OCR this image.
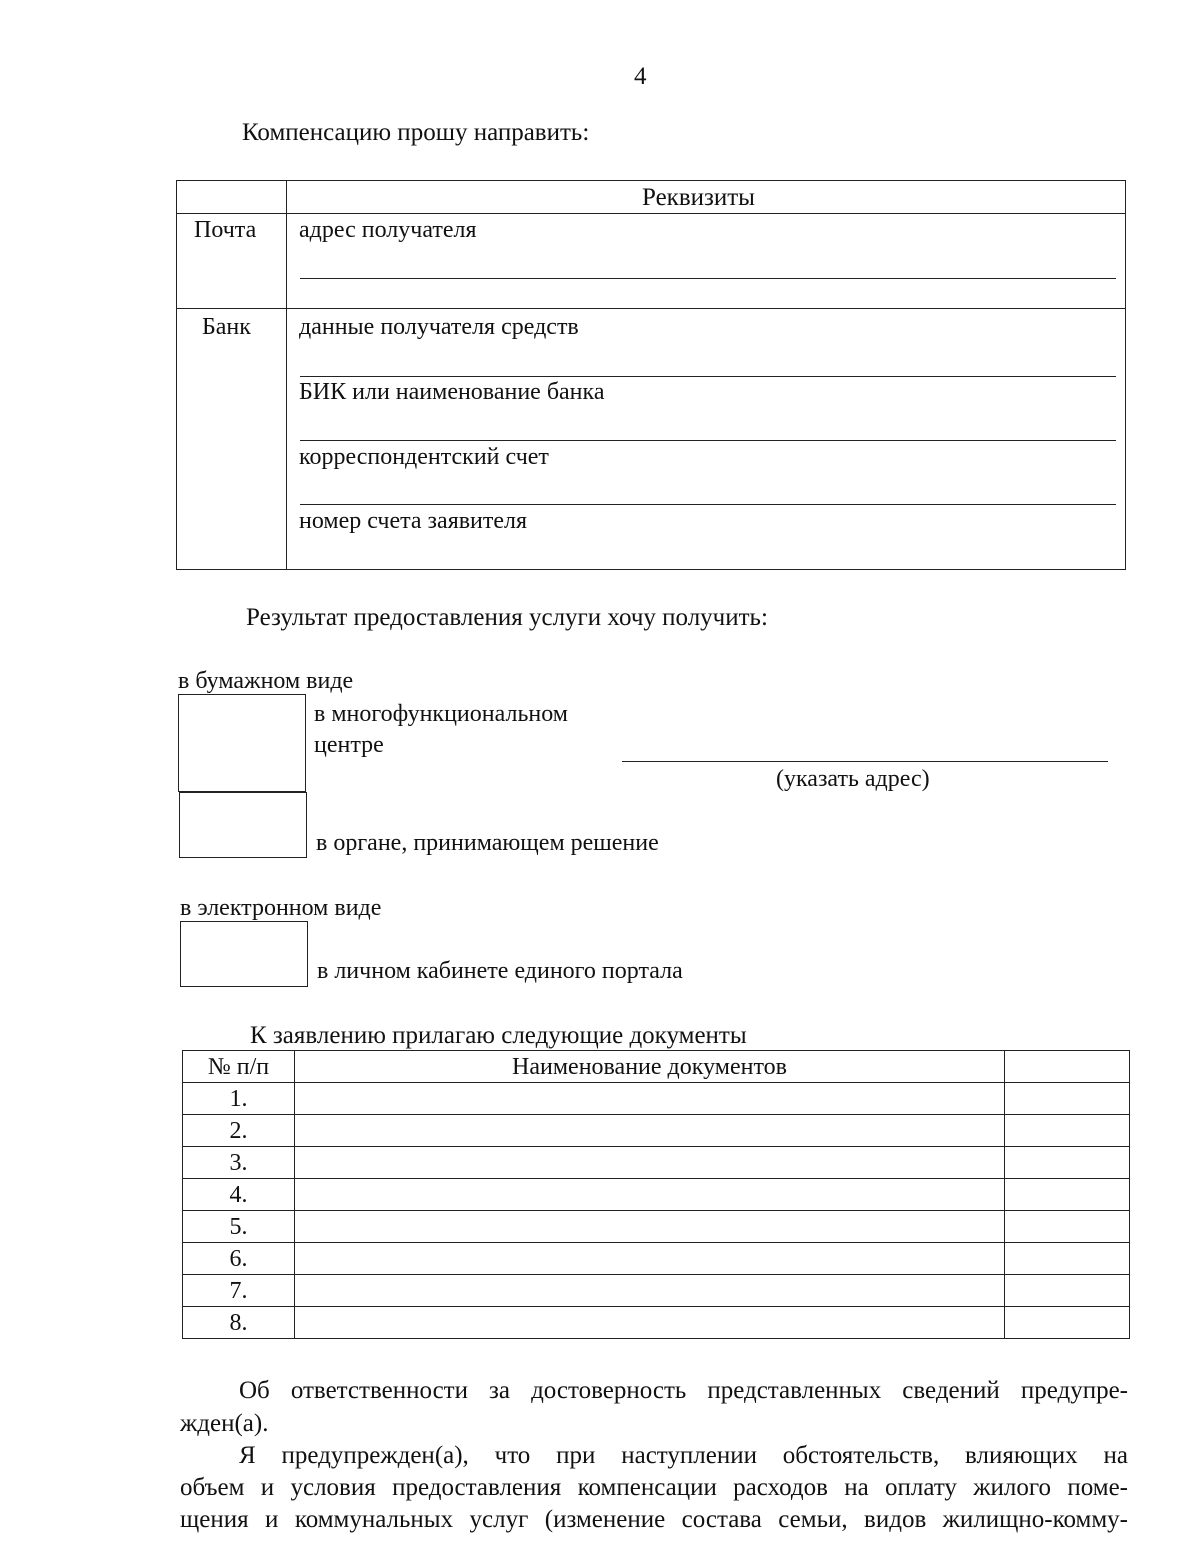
4
Компенсацию прошу направить:
Реквизиты
Почта адрес получателя
Банк данные получателя средств
БИК или наименование банка
корреспондентский счет
номер счета заявителя
Результат предоставления услуги хочу получить:
в бумажном виде
в многофункциональном
центре
(указать адрес)
в органе, принимающем решение
в электронном виде
в личном кабинете единого портала
К заявлению прилагаю следующие документы
№ п/п	Наименование документов	
1.		
2.		
3.		
4.		
5.		
6.		
7.		
8.		
Об ответственности за достоверность представленных сведений предупре-
жден(а).
Я предупрежден(а), что при наступлении обстоятельств, влияющих на
объем и условия предоставления компенсации расходов на оплату жилого поме-
щения и коммунальных услуг (изменение состава семьи, видов жилищно-комму-
